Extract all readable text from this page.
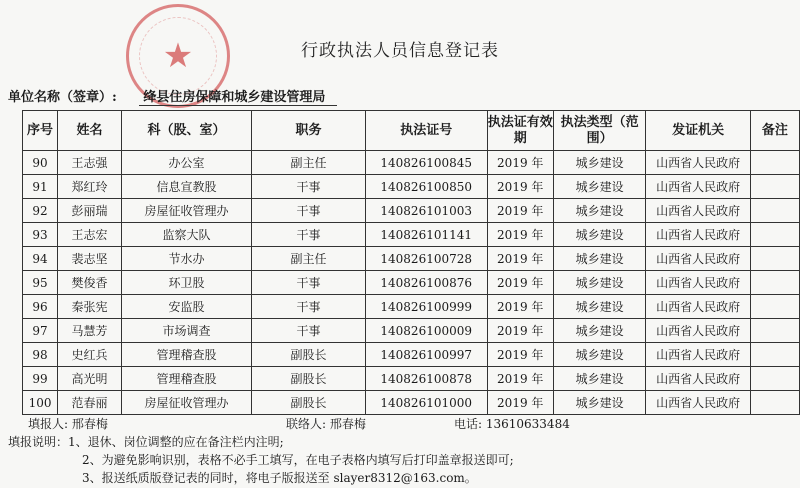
★	行政执法人员信息登记表
单位名称（签章）: 绛县住房保障和城乡建设管理局
序号	姓名	科（股、室）	职务	执法证号	执法证有效期	执法类型（范围）	发证机关	备注
90	王志强	办公室	副主任	140826100845	2019 年	城乡建设	山西省人民政府	
91	郑红玲	信息宣教股	干事	140826100850	2019 年	城乡建设	山西省人民政府	
92	彭丽瑞	房屋征收管理办	干事	140826101003	2019 年	城乡建设	山西省人民政府	
93	王志宏	监察大队	干事	140826101141	2019 年	城乡建设	山西省人民政府	
94	裴志坚	节水办	副主任	140826100728	2019 年	城乡建设	山西省人民政府	
95	樊俊香	环卫股	干事	140826100876	2019 年	城乡建设	山西省人民政府	
96	秦张宪	安监股	干事	140826100999	2019 年	城乡建设	山西省人民政府	
97	马慧芳	市场调查	干事	140826100009	2019 年	城乡建设	山西省人民政府	
98	史红兵	管理稽查股	副股长	140826100997	2019 年	城乡建设	山西省人民政府	
99	高光明	管理稽查股	副股长	140826100878	2019 年	城乡建设	山西省人民政府	
100	范春丽	房屋征收管理办	副股长	140826101000	2019 年	城乡建设	山西省人民政府	
填报人: 邢春梅	联络人: 邢春梅	电话: 13610633484
填报说明：1、退休、岗位调整的应在备注栏内注明;
2、为避免影响识别，表格不必手工填写，在电子表格内填写后打印盖章报送即可;
3、报送纸质版登记表的同时，将电子版报送至 slayer8312@163.com。
